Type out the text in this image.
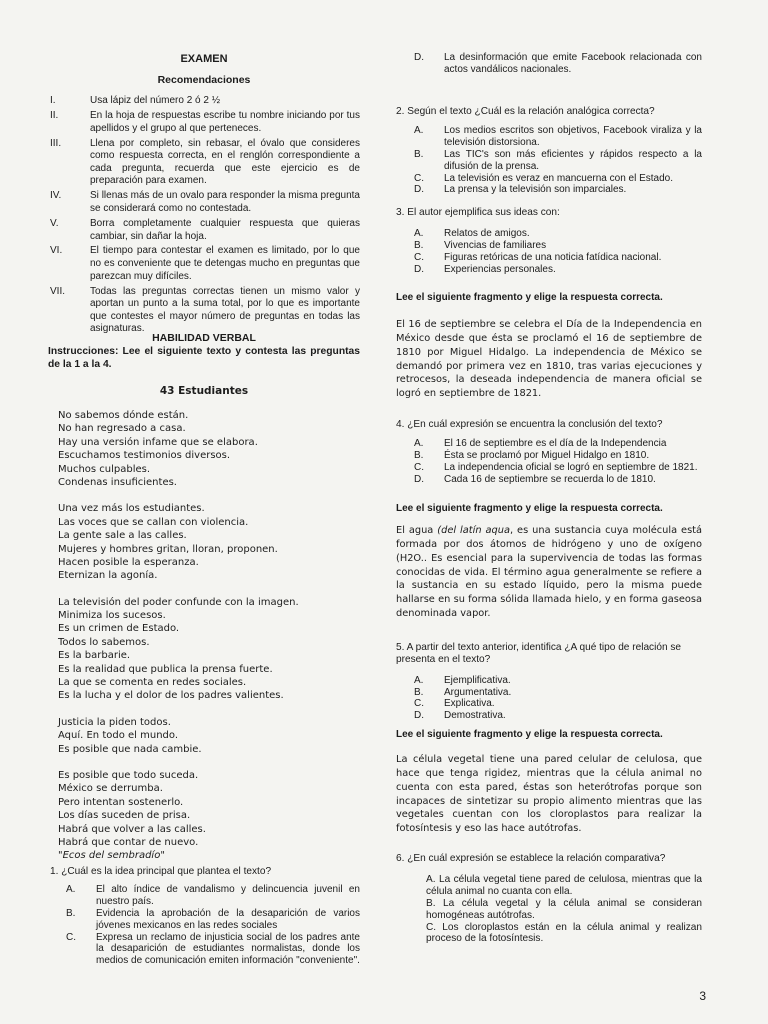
EXAMEN
Recomendaciones
I.	Usa lápiz del número 2 ó 2 ½
II.	En la hoja de respuestas escribe tu nombre iniciando por tus apellidos y el grupo al que perteneces.
III.	Llena por completo, sin rebasar, el óvalo que consideres como respuesta correcta, en el renglón correspondiente a cada pregunta, recuerda que este ejercicio es de preparación para examen.
IV.	Si llenas más de un ovalo para responder la misma pregunta se considerará como no contestada.
V.	Borra completamente cualquier respuesta que quieras cambiar, sin dañar la hoja.
VI.	El tiempo para contestar el examen es limitado, por lo que no es conveniente que te detengas mucho en preguntas que parezcan muy difíciles.
VII.	Todas las preguntas correctas tienen un mismo valor y aportan un punto a la suma total, por lo que es importante que contestes el mayor número de preguntas en todas las asignaturas.
HABILIDAD VERBAL
Instrucciones: Lee el siguiente texto y contesta las preguntas de la 1 a la 4.
43 Estudiantes
No sabemos dónde están.
No han regresado a casa.
Hay una versión infame que se elabora.
Escuchamos testimonios diversos.
Muchos culpables.
Condenas insuficientes.
Una vez más los estudiantes.
Las voces que se callan con violencia.
La gente sale a las calles.
Mujeres y hombres gritan, lloran, proponen.
Hacen posible la esperanza.
Eternizan la agonía.
La televisión del poder confunde con la imagen.
Minimiza los sucesos.
Es un crimen de Estado.
Todos lo sabemos.
Es la barbarie.
Es la realidad que publica la prensa fuerte.
La que se comenta en redes sociales.
Es la lucha y el dolor de los padres valientes.
Justicia la piden todos.
Aquí. En todo el mundo.
Es posible que nada cambie.
Es posible que todo suceda.
México se derrumba.
Pero intentan sostenerlo.
Los días suceden de prisa.
Habrá que volver a las calles.
Habrá que contar de nuevo.
"Ecos del sembradío"

1. ¿Cuál es la idea principal que plantea el texto?

A.	El alto índice de vandalismo y delincuencia juvenil en nuestro país.
B.	Evidencia la aprobación de la desaparición de varios jóvenes mexicanos en las redes sociales
C.	Expresa un reclamo de injusticia social de los padres ante la desaparición de estudiantes normalistas, donde los medios de comunicación emiten información "conveniente".
D.	La desinformación que emite Facebook relacionada con actos vandálicos nacionales.

2. Según el texto ¿Cuál es la relación analógica correcta?

A.	Los medios escritos son objetivos, Facebook viraliza y la televisión distorsiona.
B.	Las TIC's son más eficientes y rápidos respecto a la difusión de la prensa.
C.	La televisión es veraz en mancuerna con el Estado.
D.	La prensa y la televisión son imparciales.

3. El autor ejemplifica sus ideas con:

A.	Relatos de amigos.
B.	Vivencias de familiares
C.	Figuras retóricas de una noticia fatídica nacional.
D.	Experiencias personales.

Lee el siguiente fragmento y elige la respuesta correcta.

El 16 de septiembre se celebra el Día de la Independencia en México desde que ésta se proclamó el 16 de septiembre de 1810 por Miguel Hidalgo. La independencia de México se demandó por primera vez en 1810, tras varias ejecuciones y retrocesos, la deseada independencia de manera oficial se logró en septiembre de 1821.

4. ¿En cuál expresión se encuentra la conclusión del texto?

A.	El 16 de septiembre es el día de la Independencia
B.	Ésta se proclamó por Miguel Hidalgo en 1810.
C.	La independencia oficial se logró en septiembre de 1821.
D.	Cada 16 de septiembre se recuerda lo de 1810.

Lee el siguiente fragmento y elige la respuesta correcta.

El agua (del latín aqua, es una sustancia cuya molécula está formada por dos átomos de hidrógeno y uno de oxígeno (H2O.. Es esencial para la supervivencia de todas las formas conocidas de vida. El término agua generalmente se refiere a la sustancia en su estado líquido, pero la misma puede hallarse en su forma sólida llamada hielo, y en forma gaseosa denominada vapor.

5. A partir del texto anterior, identifica ¿A qué tipo de relación se presenta en el texto?

A.	Ejemplificativa.
B.	Argumentativa.
C.	Explicativa.
D.	Demostrativa.

Lee el siguiente fragmento y elige la respuesta correcta.

La célula vegetal tiene una pared celular de celulosa, que hace que tenga rigidez, mientras que la célula animal no cuenta con esta pared, éstas son heterótrofas porque son incapaces de sintetizar su propio alimento mientras que las vegetales cuentan con los cloroplastos para realizar la fotosíntesis y eso las hace autótrofas.

6. ¿En cuál expresión se establece la relación comparativa?

A. La célula vegetal tiene pared de celulosa, mientras que la célula animal no cuanta con ella.

B. La célula vegetal y la célula animal se consideran homogéneas autótrofas.

C. Los cloroplastos están en la célula animal y realizan proceso de la fotosíntesis.

3
